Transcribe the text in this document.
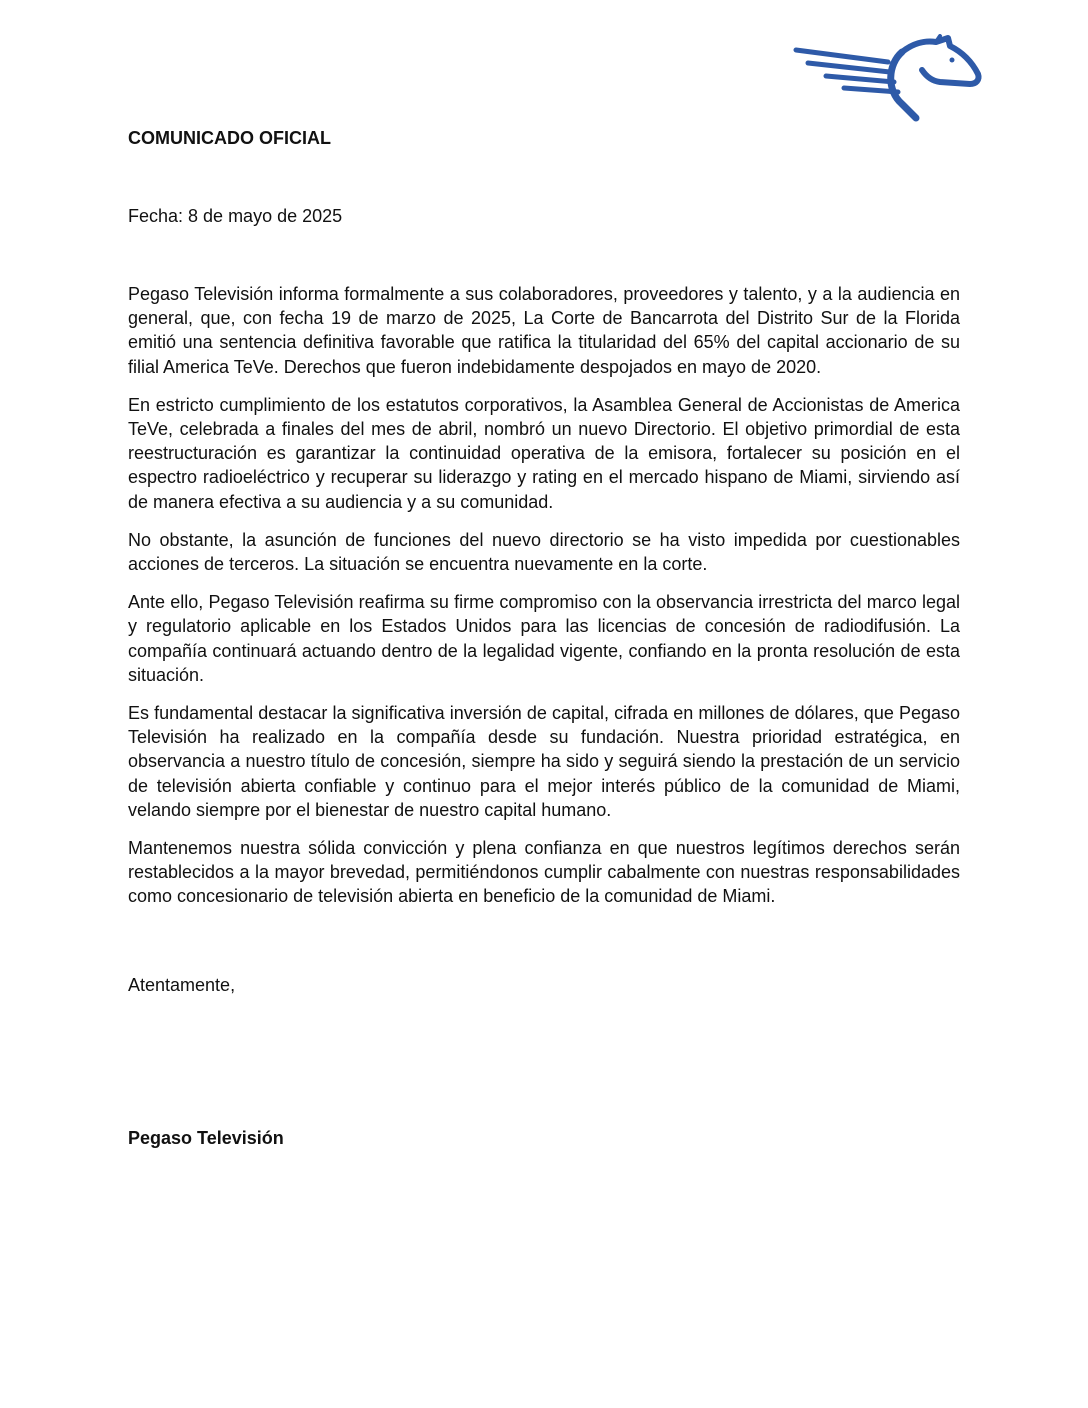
COMUNICADO OFICIAL

Fecha: 8 de mayo de 2025

Pegaso Televisión informa formalmente a sus colaboradores, proveedores y talento, y a la audiencia en general, que, con fecha 19 de marzo de 2025, La Corte de Bancarrota del Distrito Sur de la Florida emitió una sentencia definitiva favorable que ratifica la titularidad del 65% del capital accionario de su filial America TeVe. Derechos que fueron indebidamente despojados en mayo de 2020.

En estricto cumplimiento de los estatutos corporativos, la Asamblea General de Accionistas de America TeVe, celebrada a finales del mes de abril, nombró un nuevo Directorio. El objetivo primordial de esta reestructuración es garantizar la continuidad operativa de la emisora, fortalecer su posición en el espectro radioeléctrico y recuperar su liderazgo y rating en el mercado hispano de Miami, sirviendo así de manera efectiva a su audiencia y a su comunidad.

No obstante, la asunción de funciones del nuevo directorio se ha visto impedida por cuestionables acciones de terceros. La situación se encuentra nuevamente en la corte.

Ante ello, Pegaso Televisión reafirma su firme compromiso con la observancia irrestricta del marco legal y regulatorio aplicable en los Estados Unidos para las licencias de concesión de radiodifusión. La compañía continuará actuando dentro de la legalidad vigente, confiando en la pronta resolución de esta situación.

Es fundamental destacar la significativa inversión de capital, cifrada en millones de dólares, que Pegaso Televisión ha realizado en la compañía desde su fundación. Nuestra prioridad estratégica, en observancia a nuestro título de concesión, siempre ha sido y seguirá siendo la prestación de un servicio de televisión abierta confiable y continuo para el mejor interés público de la comunidad de Miami, velando siempre por el bienestar de nuestro capital humano.

Mantenemos nuestra sólida convicción y plena confianza en que nuestros legítimos derechos serán restablecidos a la mayor brevedad, permitiéndonos cumplir cabalmente con nuestras responsabilidades como concesionario de televisión abierta en beneficio de la comunidad de Miami.

Atentamente,

Pegaso Televisión
